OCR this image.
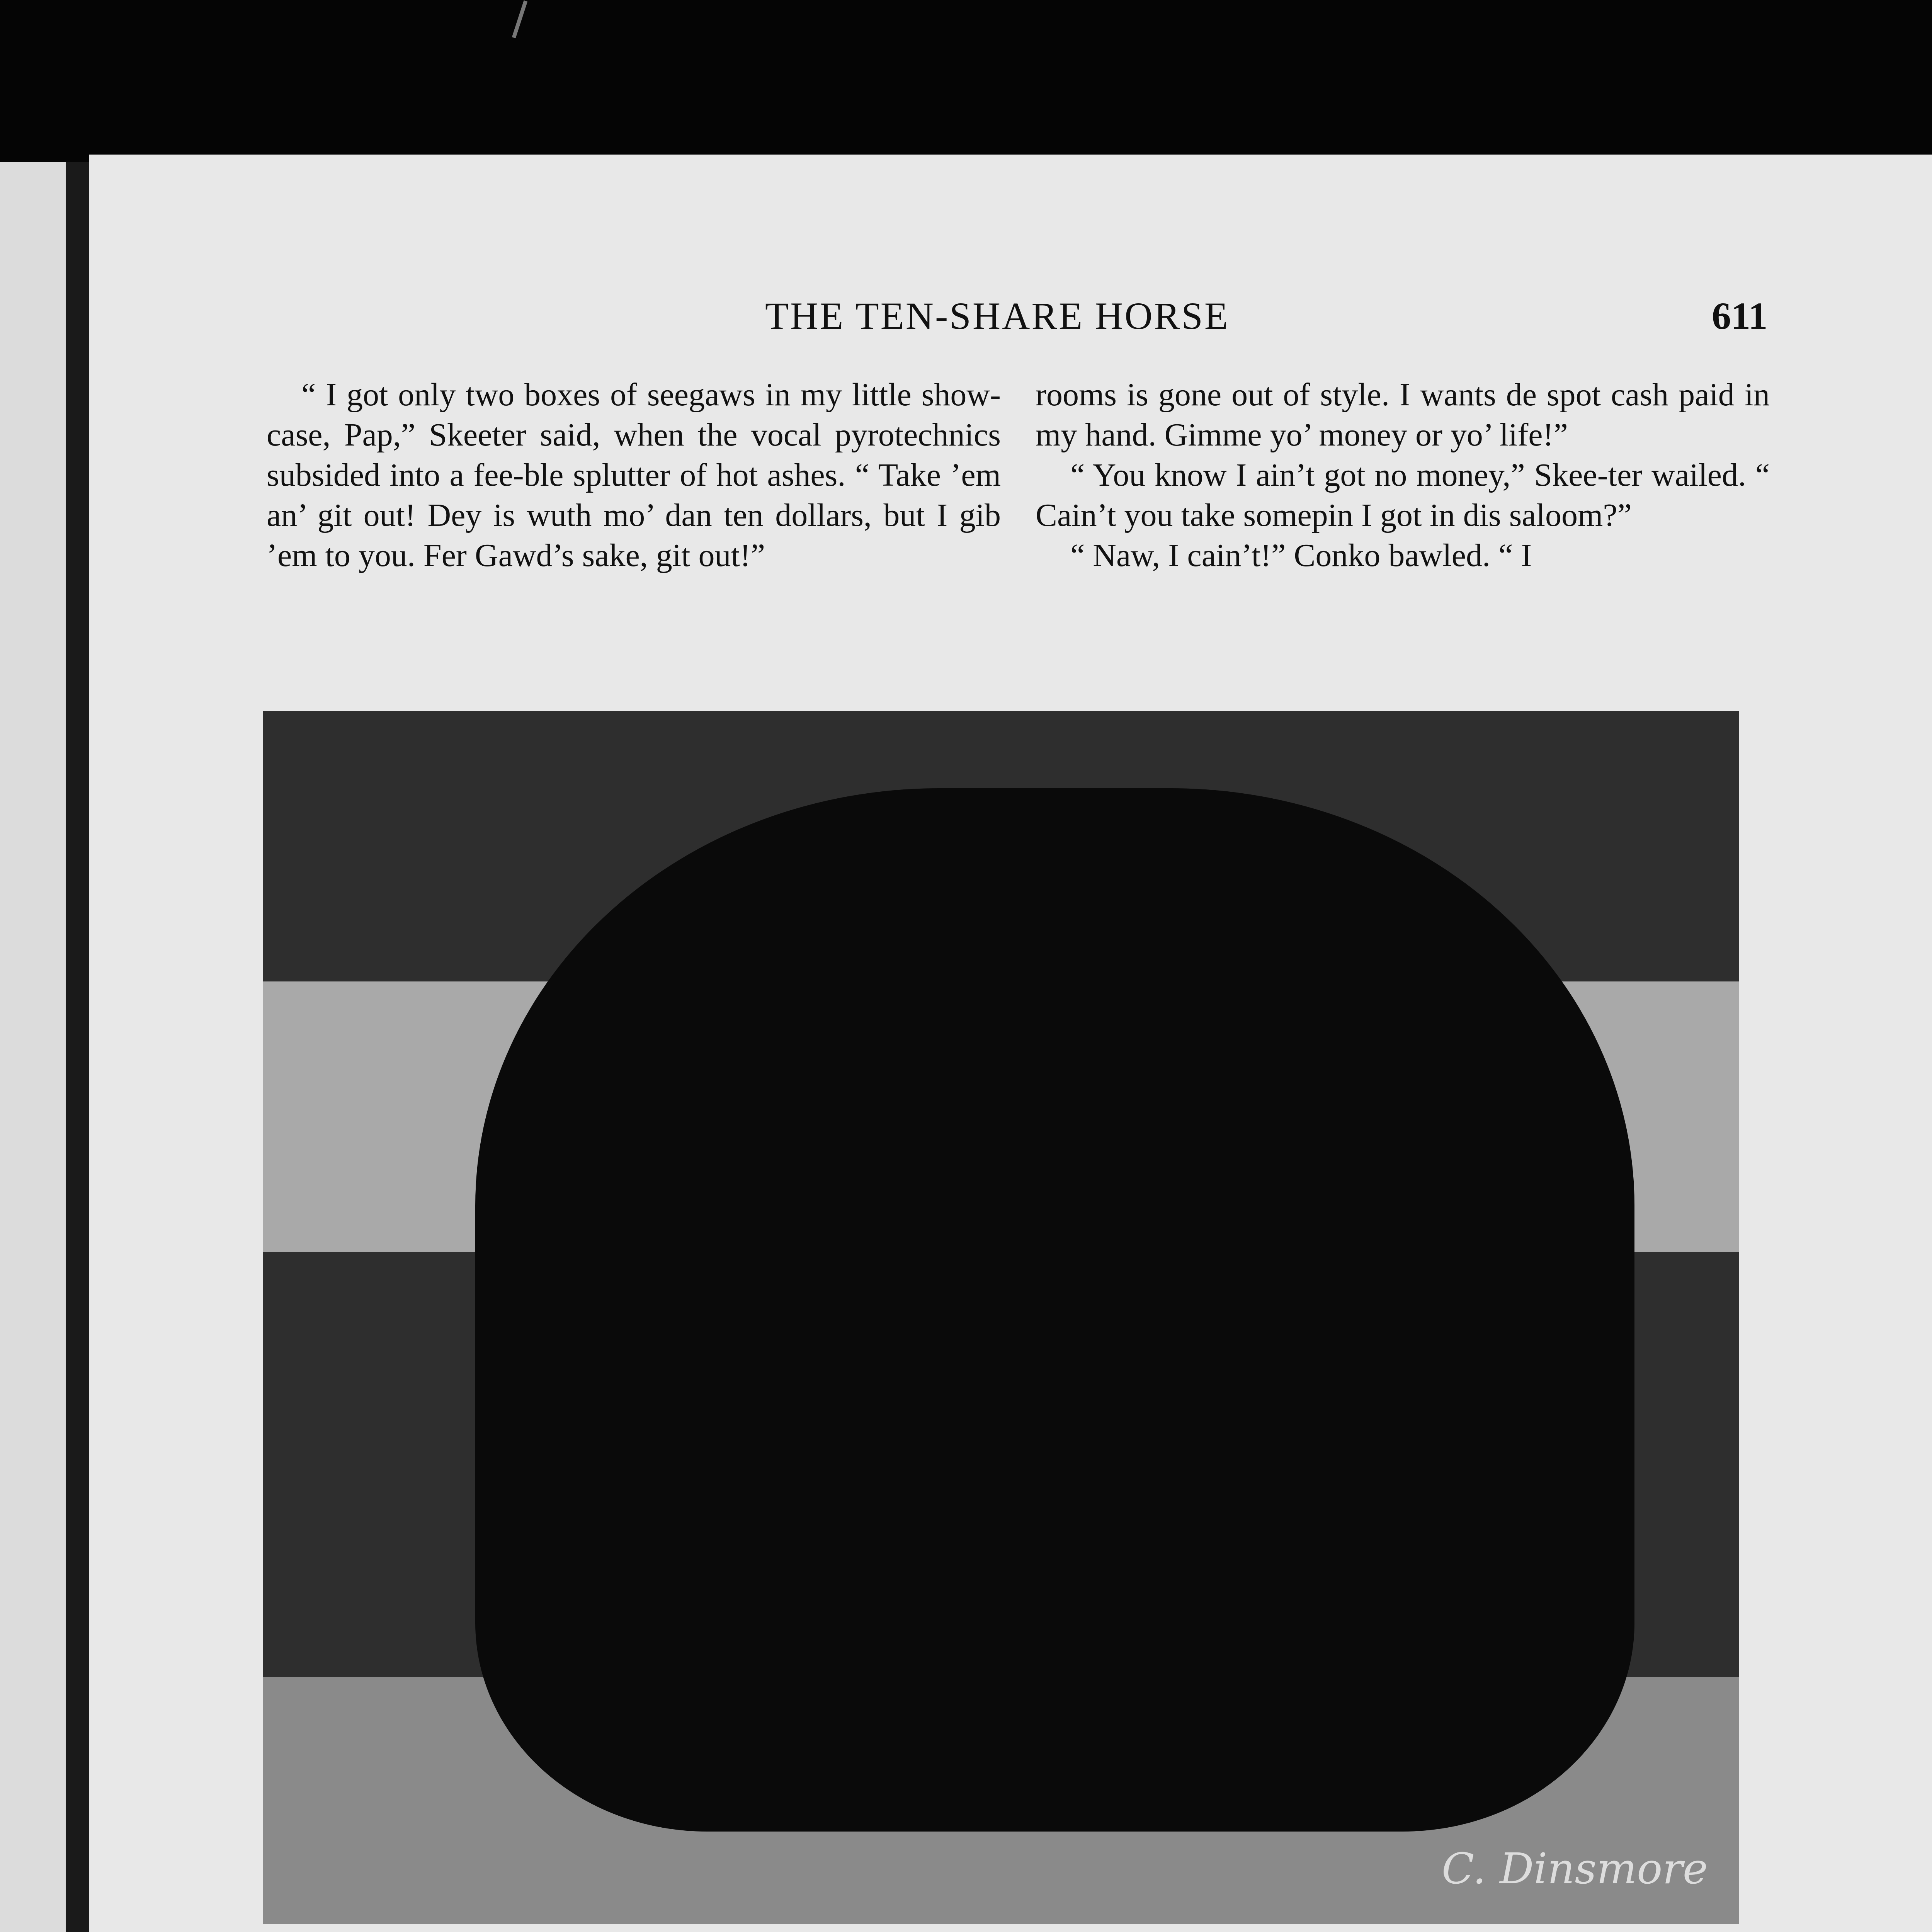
THE TEN-SHARE HORSE	611

“ I got only two boxes of seegaws in my little show-case, Pap,” Skeeter said, when the vocal pyrotechnics subsided into a fee-ble splutter of hot ashes. “ Take ’em an’ git out! Dey is wuth mo’ dan ten dollars, but I gib ’em to you. Fer Gawd’s sake, git out!”

rooms is gone out of style. I wants de spot cash paid in my hand. Gimme yo’ money or yo’ life!”

“ You know I ain’t got no money,” Skee-ter wailed. “ Cain’t you take somepin I got in dis saloom?”

“ Naw, I cain’t!” Conko bawled. “ I

C. Dinsmore
